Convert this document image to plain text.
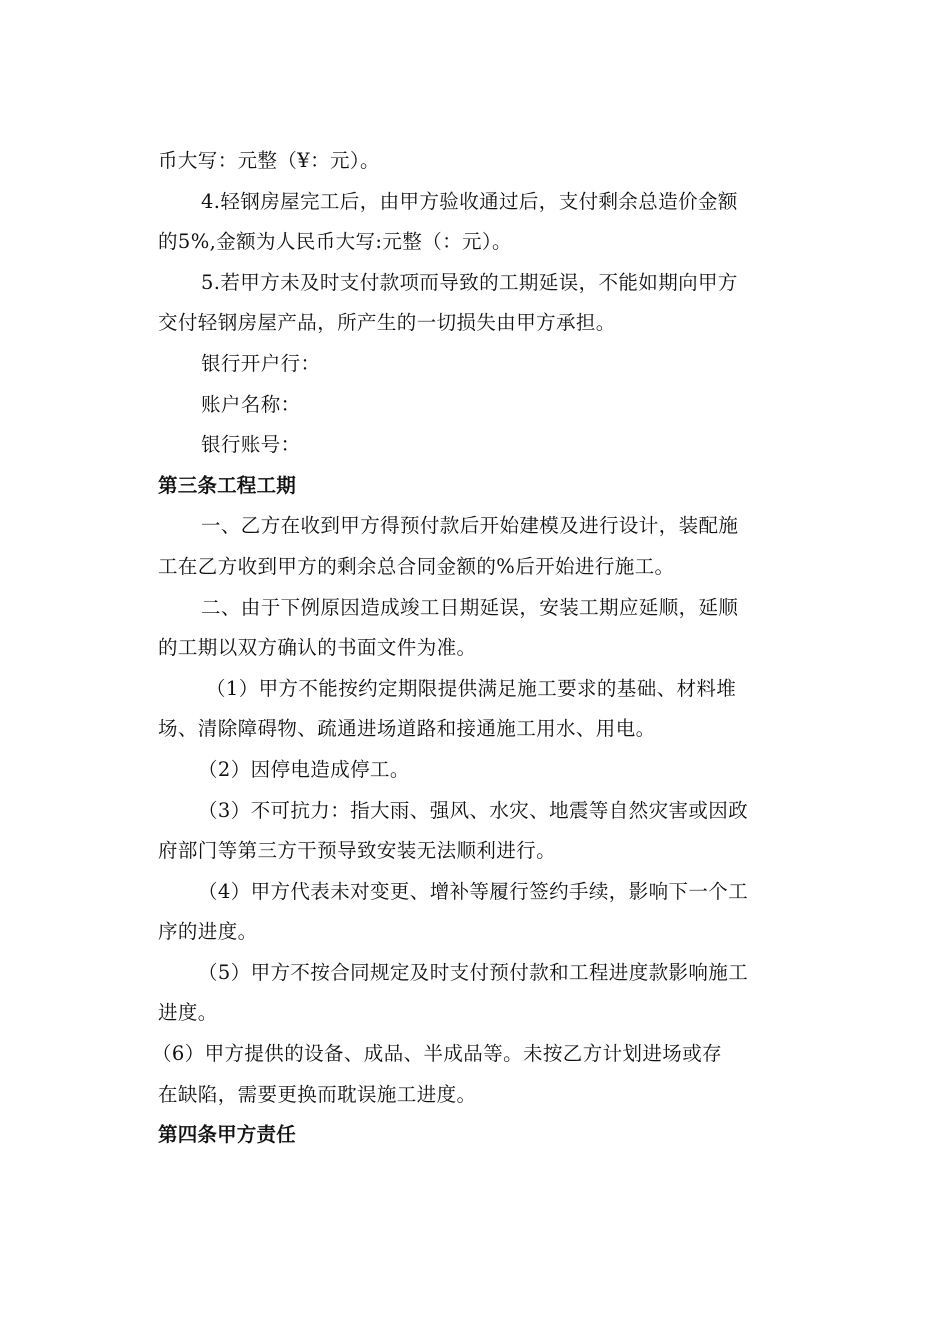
币大写：元整（¥：元）。
4.轻钢房屋完工后，由甲方验收通过后，支付剩余总造价金额
的5%,金额为人民币大写:元整（：元）。
5.若甲方未及时支付款项而导致的工期延误，不能如期向甲方
交付轻钢房屋产品，所产生的一切损失由甲方承担。
银行开户行：
账户名称：
银行账号：
第三条工程工期
一、乙方在收到甲方得预付款后开始建模及进行设计，装配施
工在乙方收到甲方的剩余总合同金额的%后开始进行施工。
二、由于下例原因造成竣工日期延误，安装工期应延顺，延顺
的工期以双方确认的书面文件为准。
（1）甲方不能按约定期限提供满足施工要求的基础、材料堆
场、清除障碍物、疏通进场道路和接通施工用水、用电。
（2）因停电造成停工。
（3）不可抗力：指大雨、强风、水灾、地震等自然灾害或因政
府部门等第三方干预导致安装无法顺利进行。
（4）甲方代表未对变更、增补等履行签约手续，影响下一个工
序的进度。
（5）甲方不按合同规定及时支付预付款和工程进度款影响施工
进度。
（6）甲方提供的设备、成品、半成品等。未按乙方计划进场或存
在缺陷，需要更换而耽误施工进度。
第四条甲方责任
